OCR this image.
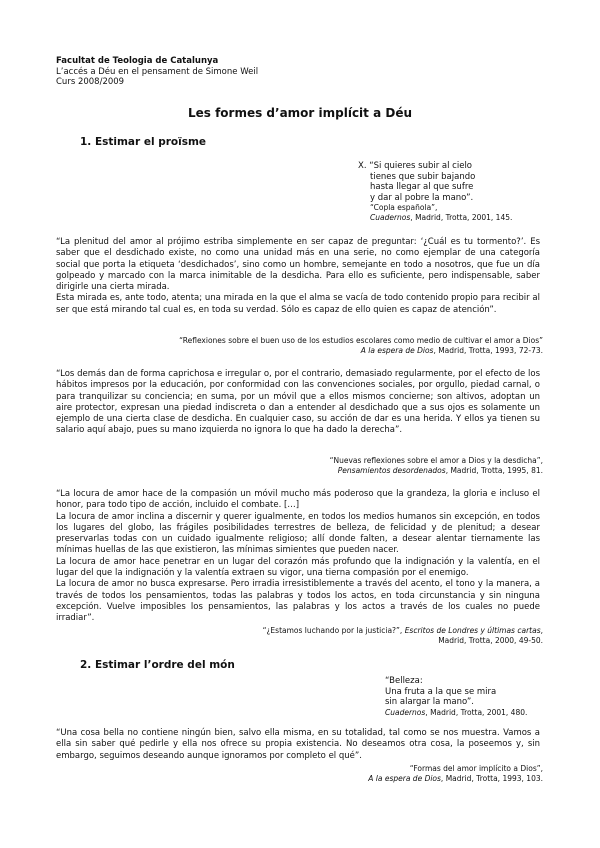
Facultat de Teologia de Catalunya
L’accés a Déu en el pensament de Simone Weil
Curs 2008/2009
Les formes d’amor implícit a Déu
1. Estimar el proïsme
X. “Si quieres subir al cielo
tienes que subir bajando
hasta llegar al que sufre
y dar al pobre la mano”.
“Copla española”,
Cuadernos, Madrid, Trotta, 2001, 145.

“La plenitud del amor al prójimo estriba simplemente en ser capaz de preguntar: ‘¿Cuál es tu tormento?’. Es saber que el desdichado existe, no como una unidad más en una serie, no como ejemplar de una categoría social que porta la etiqueta ‘desdichados’, sino como un hombre, semejante en todo a nosotros, que fue un día golpeado y marcado con la marca inimitable de la desdicha. Para ello es suficiente, pero indispensable, saber dirigirle una cierta mirada.

Esta mirada es, ante todo, atenta; una mirada en la que el alma se vacía de todo contenido propio para recibir al ser que está mirando tal cual es, en toda su verdad. Sólo es capaz de ello quien es capaz de atención”.

“Reflexiones sobre el buen uso de los estudios escolares como medio de cultivar el amor a Dios”
A la espera de Dios, Madrid, Trotta, 1993, 72-73.

“Los demás dan de forma caprichosa e irregular o, por el contrario, demasiado regularmente, por el efecto de los hábitos impresos por la educación, por conformidad con las convenciones sociales, por orgullo, piedad carnal, o para tranquilizar su conciencia; en suma, por un móvil que a ellos mismos concierne; son altivos, adoptan un aire protector, expresan una piedad indiscreta o dan a entender al desdichado que a sus ojos es solamente un ejemplo de una cierta clase de desdicha. En cualquier caso, su acción de dar es una herida. Y ellos ya tienen su salario aquí abajo, pues su mano izquierda no ignora lo que ha dado la derecha”.

“Nuevas reflexiones sobre el amor a Dios y la desdicha”,
Pensamientos desordenados, Madrid, Trotta, 1995, 81.

“La locura de amor hace de la compasión un móvil mucho más poderoso que la grandeza, la gloria e incluso el honor, para todo tipo de acción, incluido el combate. […]

La locura de amor inclina a discernir y querer igualmente, en todos los medios humanos sin excepción, en todos los lugares del globo, las frágiles posibilidades terrestres de belleza, de felicidad y de plenitud; a desear preservarlas todas con un cuidado igualmente religioso; allí donde falten, a desear alentar tiernamente las mínimas huellas de las que existieron, las mínimas simientes que pueden nacer.

La locura de amor hace penetrar en un lugar del corazón más profundo que la indignación y la valentía, en el lugar del que la indignación y la valentía extraen su vigor, una tierna compasión por el enemigo.

La locura de amor no busca expresarse. Pero irradia irresistiblemente a través del acento, el tono y la manera, a través de todos los pensamientos, todas las palabras y todos los actos, en toda circunstancia y sin ninguna excepción. Vuelve imposibles los pensamientos, las palabras y los actos a través de los cuales no puede irradiar”.

“¿Estamos luchando por la justicia?”, Escritos de Londres y últimas cartas,
Madrid, Trotta, 2000, 49-50.
2. Estimar l’ordre del món
“Belleza:
Una fruta a la que se mira
sin alargar la mano”.
Cuadernos, Madrid, Trotta, 2001, 480.

“Una cosa bella no contiene ningún bien, salvo ella misma, en su totalidad, tal como se nos muestra. Vamos a ella sin saber qué pedirle y ella nos ofrece su propia existencia. No deseamos otra cosa, la poseemos y, sin embargo, seguimos deseando aunque ignoramos por completo el qué”.

“Formas del amor implícito a Dios”,
A la espera de Dios, Madrid, Trotta, 1993, 103.
